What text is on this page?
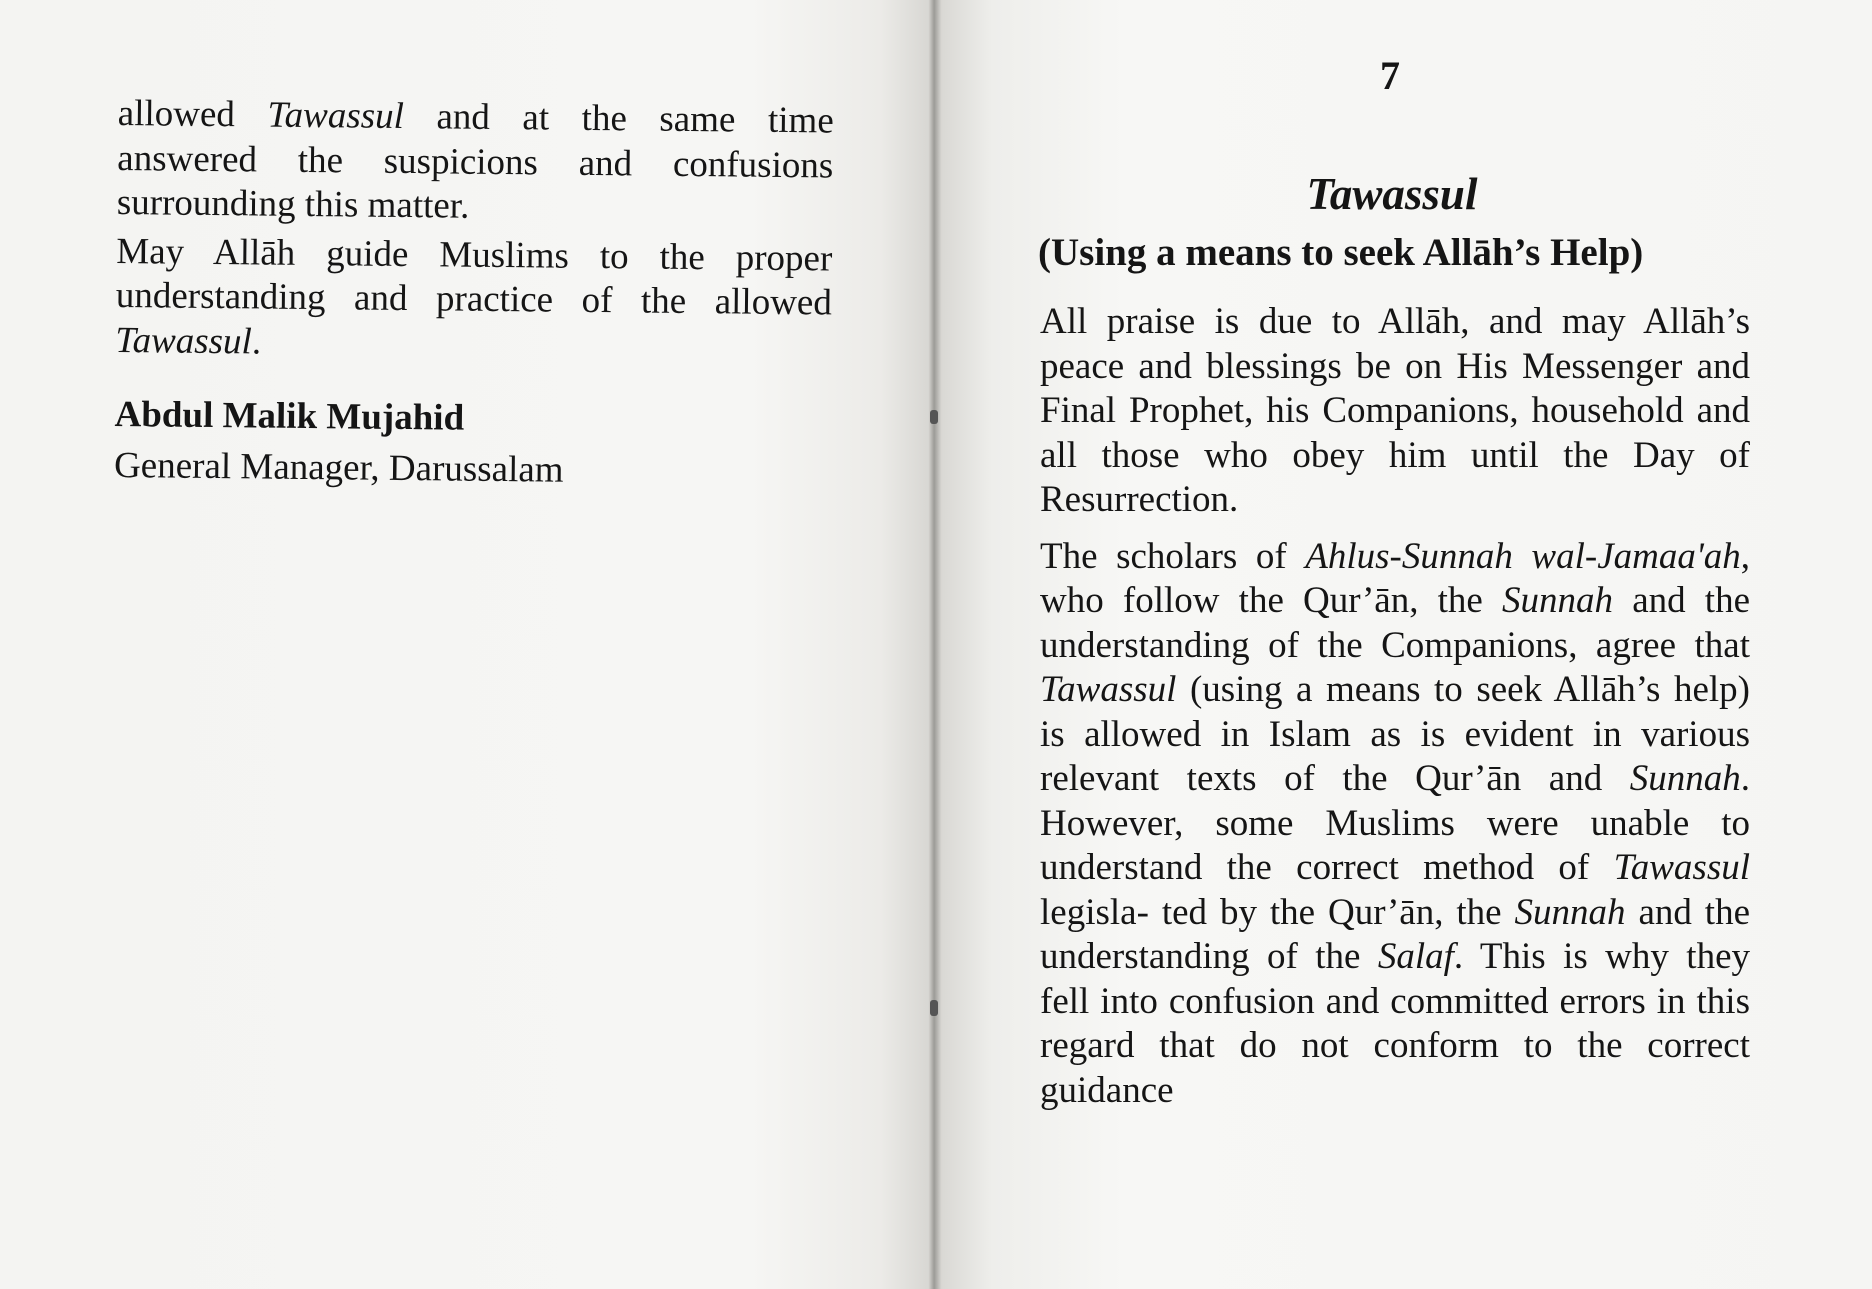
allowed Tawassul and at the same time answered the suspicions and confusions surrounding this matter.

May Allāh guide Muslims to the proper understanding and practice of the allowed Tawassul.

Abdul Malik Mujahid

General Manager, Darussalam

7
Tawassul
(Using a means to seek Allāh’s Help)

All praise is due to Allāh, and may Allāh’s peace and blessings be on His Messenger and Final Prophet, his Companions, household and all those who obey him until the Day of Resurrection.

The scholars of Ahlus-Sunnah wal-Jamaa'ah, who follow the Qur’ān, the Sunnah and the understanding of the Companions, agree that Tawassul (using a means to seek Allāh’s help) is allowed in Islam as is evident in various relevant texts of the Qur’ān and Sunnah. However, some Muslims were unable to understand the correct method of Tawassul legisla- ted by the Qur’ān, the Sunnah and the understanding of the Salaf. This is why they fell into confusion and committed errors in this regard that do not conform to the correct guidance
